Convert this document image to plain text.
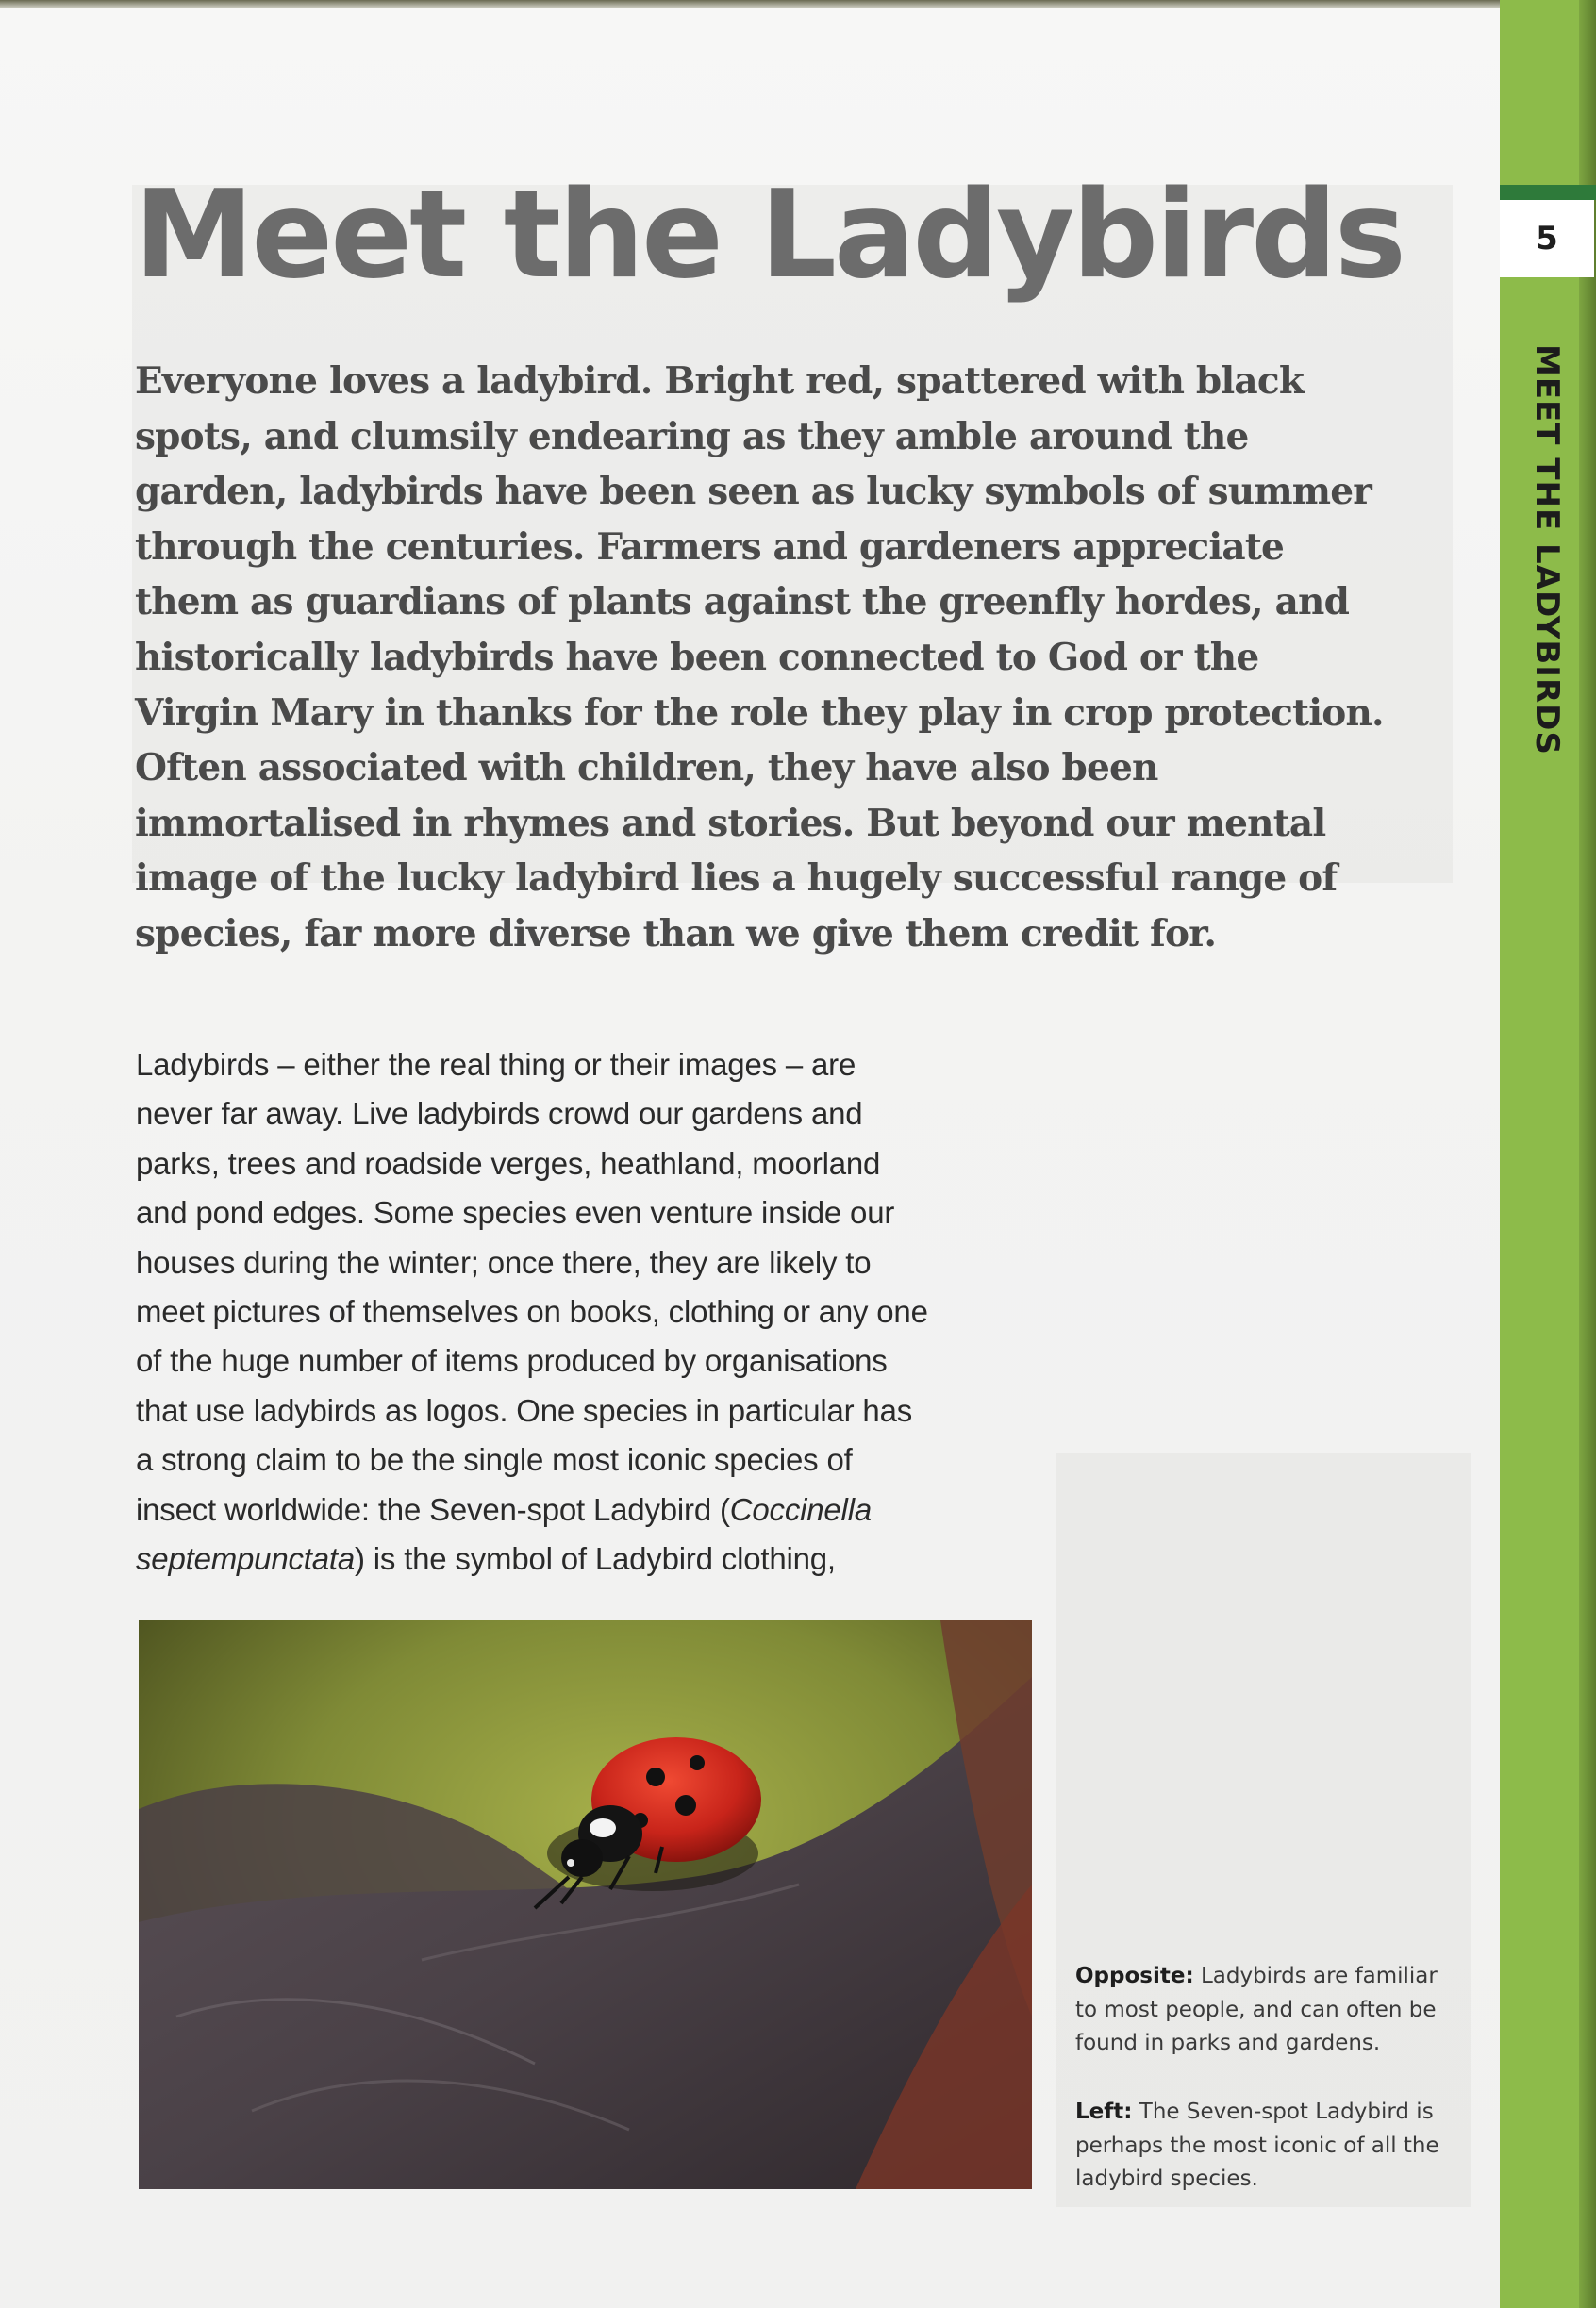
Meet the Ladybirds

Everyone loves a ladybird. Bright red, spattered with black
spots, and clumsily endearing as they amble around the
garden, ladybirds have been seen as lucky symbols of summer
through the centuries. Farmers and gardeners appreciate
them as guardians of plants against the greenfly hordes, and
historically ladybirds have been connected to God or the
Virgin Mary in thanks for the role they play in crop protection.
Often associated with children, they have also been
immortalised in rhymes and stories. But beyond our mental
image of the lucky ladybird lies a hugely successful range of
species, far more diverse than we give them credit for.

Ladybirds – either the real thing or their images – are
never far away. Live ladybirds crowd our gardens and
parks, trees and roadside verges, heathland, moorland
and pond edges. Some species even venture inside our
houses during the winter; once there, they are likely to
meet pictures of themselves on books, clothing or any one
of the huge number of items produced by organisations
that use ladybirds as logos. One species in particular has
a strong claim to be the single most iconic species of
insect worldwide: the Seven-spot Ladybird (Coccinella
septempunctata) is the symbol of Ladybird clothing,

Opposite: Ladybirds are familiar
to most people, and can often be
found in parks and gardens.

Left: The Seven-spot Ladybird is
perhaps the most iconic of all the
ladybird species.

5
MEET THE LADYBIRDS
